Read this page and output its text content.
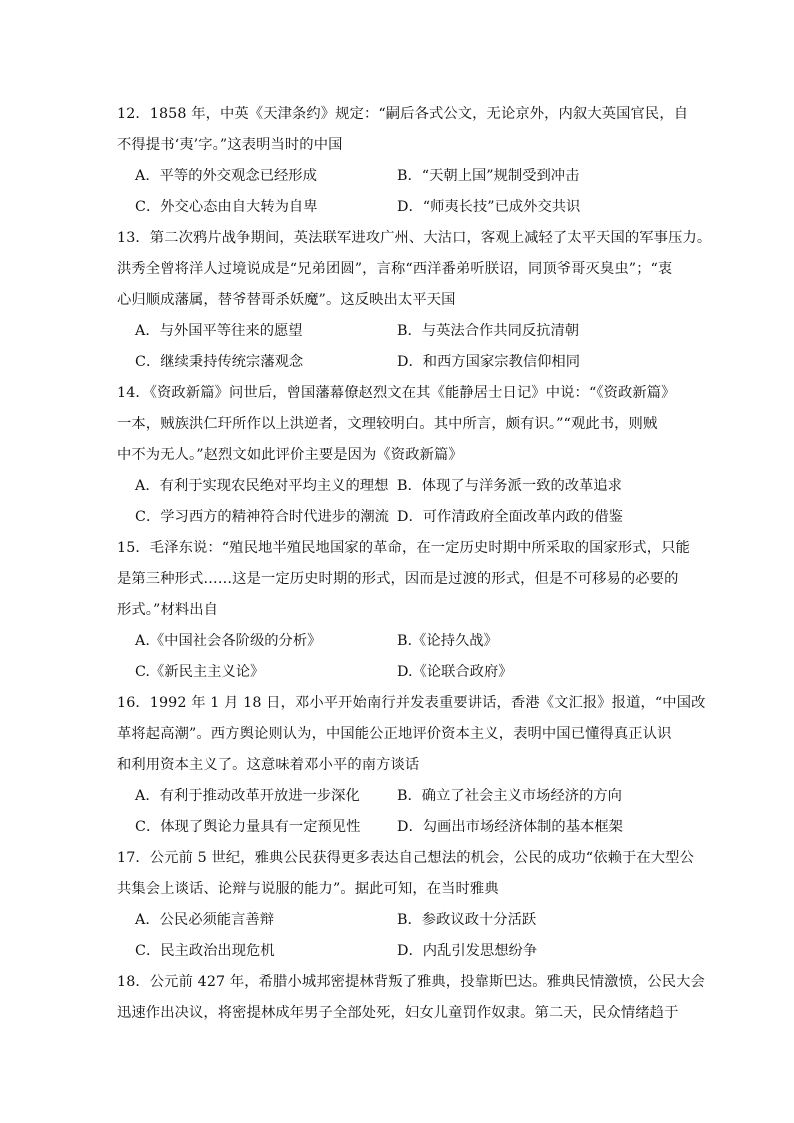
12．1858 年，中英《天津条约》规定：“嗣后各式公文，无论京外，内叙大英国官民，自
不得提书‘夷’字。”这表明当时的中国
A．平等的外交观念已经形成	B．“天朝上国”规制受到冲击
C．外交心态由自大转为自卑	D．“师夷长技”已成外交共识
13．第二次鸦片战争期间，英法联军进攻广州、大沽口，客观上减轻了太平天国的军事压力。
洪秀全曾将洋人过境说成是“兄弟团圆”，言称“西洋番弟听朕诏，同顶爷哥灭臭虫”；“衷
心归顺成藩属，替爷替哥杀妖魔”。这反映出太平天国
A．与外国平等往来的愿望	B．与英法合作共同反抗清朝
C．继续秉持传统宗藩观念	D．和西方国家宗教信仰相同
14．《资政新篇》问世后，曾国藩幕僚赵烈文在其《能静居士日记》中说：“《资政新篇》
一本，贼族洪仁玕所作以上洪逆者，文理较明白。其中所言，颇有识。”“观此书，则贼
中不为无人。”赵烈文如此评价主要是因为《资政新篇》
A．有利于实现农民绝对平均主义的理想 B．体现了与洋务派一致的改革追求
C．学习西方的精神符合时代进步的潮流 D．可作清政府全面改革内政的借鉴
15．毛泽东说：“殖民地半殖民地国家的革命，在一定历史时期中所采取的国家形式，只能
是第三种形式……这是一定历史时期的形式，因而是过渡的形式，但是不可移易的必要的
形式。”材料出自
A.《中国社会各阶级的分析》	B.《论持久战》
C.《新民主主义论》	D.《论联合政府》
16．1992 年 1 月 18 日，邓小平开始南行并发表重要讲话，香港《文汇报》报道，“中国改
革将起高潮”。西方舆论则认为，中国能公正地评价资本主义，表明中国已懂得真正认识
和利用资本主义了。这意味着邓小平的南方谈话
A．有利于推动改革开放进一步深化	B．确立了社会主义市场经济的方向
C．体现了舆论力量具有一定预见性	D．勾画出市场经济体制的基本框架
17．公元前 5 世纪，雅典公民获得更多表达自己想法的机会，公民的成功“依赖于在大型公
共集会上谈话、论辩与说服的能力”。据此可知，在当时雅典
A．公民必须能言善辩	B．参政议政十分活跃
C．民主政治出现危机	D．内乱引发思想纷争
18．公元前 427 年，希腊小城邦密提林背叛了雅典，投靠斯巴达。雅典民情激愤，公民大会
迅速作出决议，将密提林成年男子全部处死，妇女儿童罚作奴隶。第二天，民众情绪趋于
